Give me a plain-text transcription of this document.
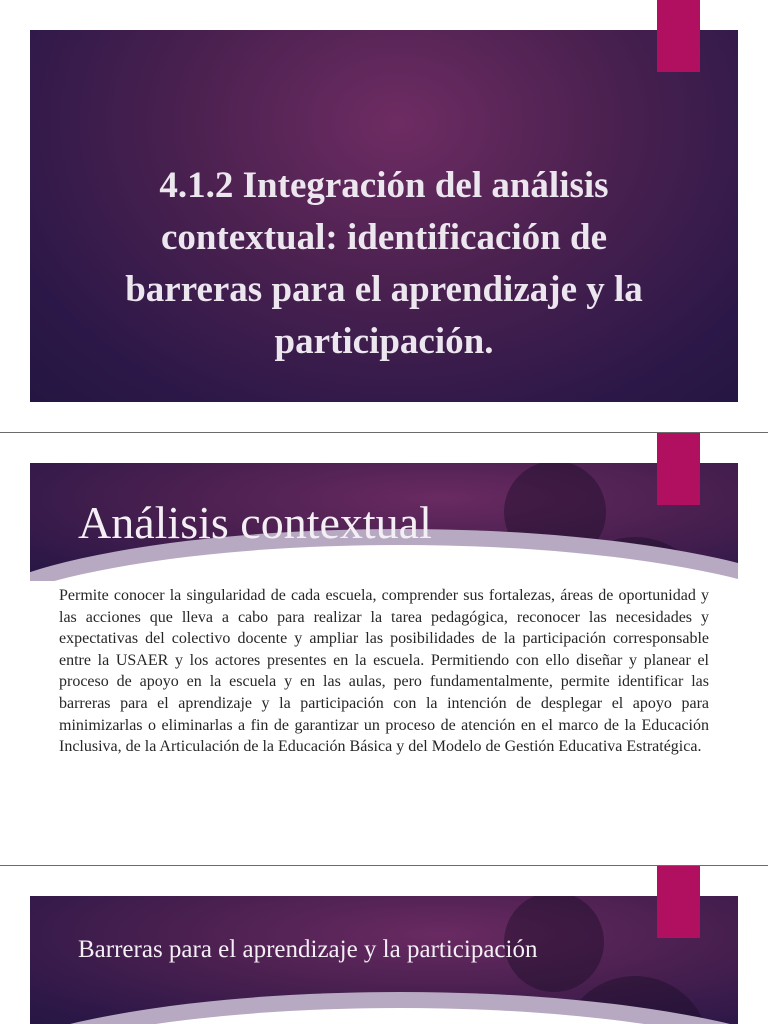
4.1.2 Integración del análisis contextual: identificación de barreras para el aprendizaje y la participación.
Análisis contextual

Permite conocer la singularidad de cada escuela, comprender sus fortalezas, áreas de oportunidad y las acciones que lleva a cabo para realizar la tarea pedagógica, reconocer las necesidades y expectativas del colectivo docente y ampliar las posibilidades de la participación corresponsable entre la USAER y los actores presentes en la escuela. Permitiendo con ello diseñar y planear el proceso de apoyo en la escuela y en las aulas, pero fundamentalmente, permite identificar las barreras para el aprendizaje y la participación con la intención de desplegar el apoyo para minimizarlas o eliminarlas a fin de garantizar un proceso de atención en el marco de la Educación Inclusiva, de la Articulación de la Educación Básica y del Modelo de Gestión Educativa Estratégica.

Barreras para el aprendizaje y la participación
